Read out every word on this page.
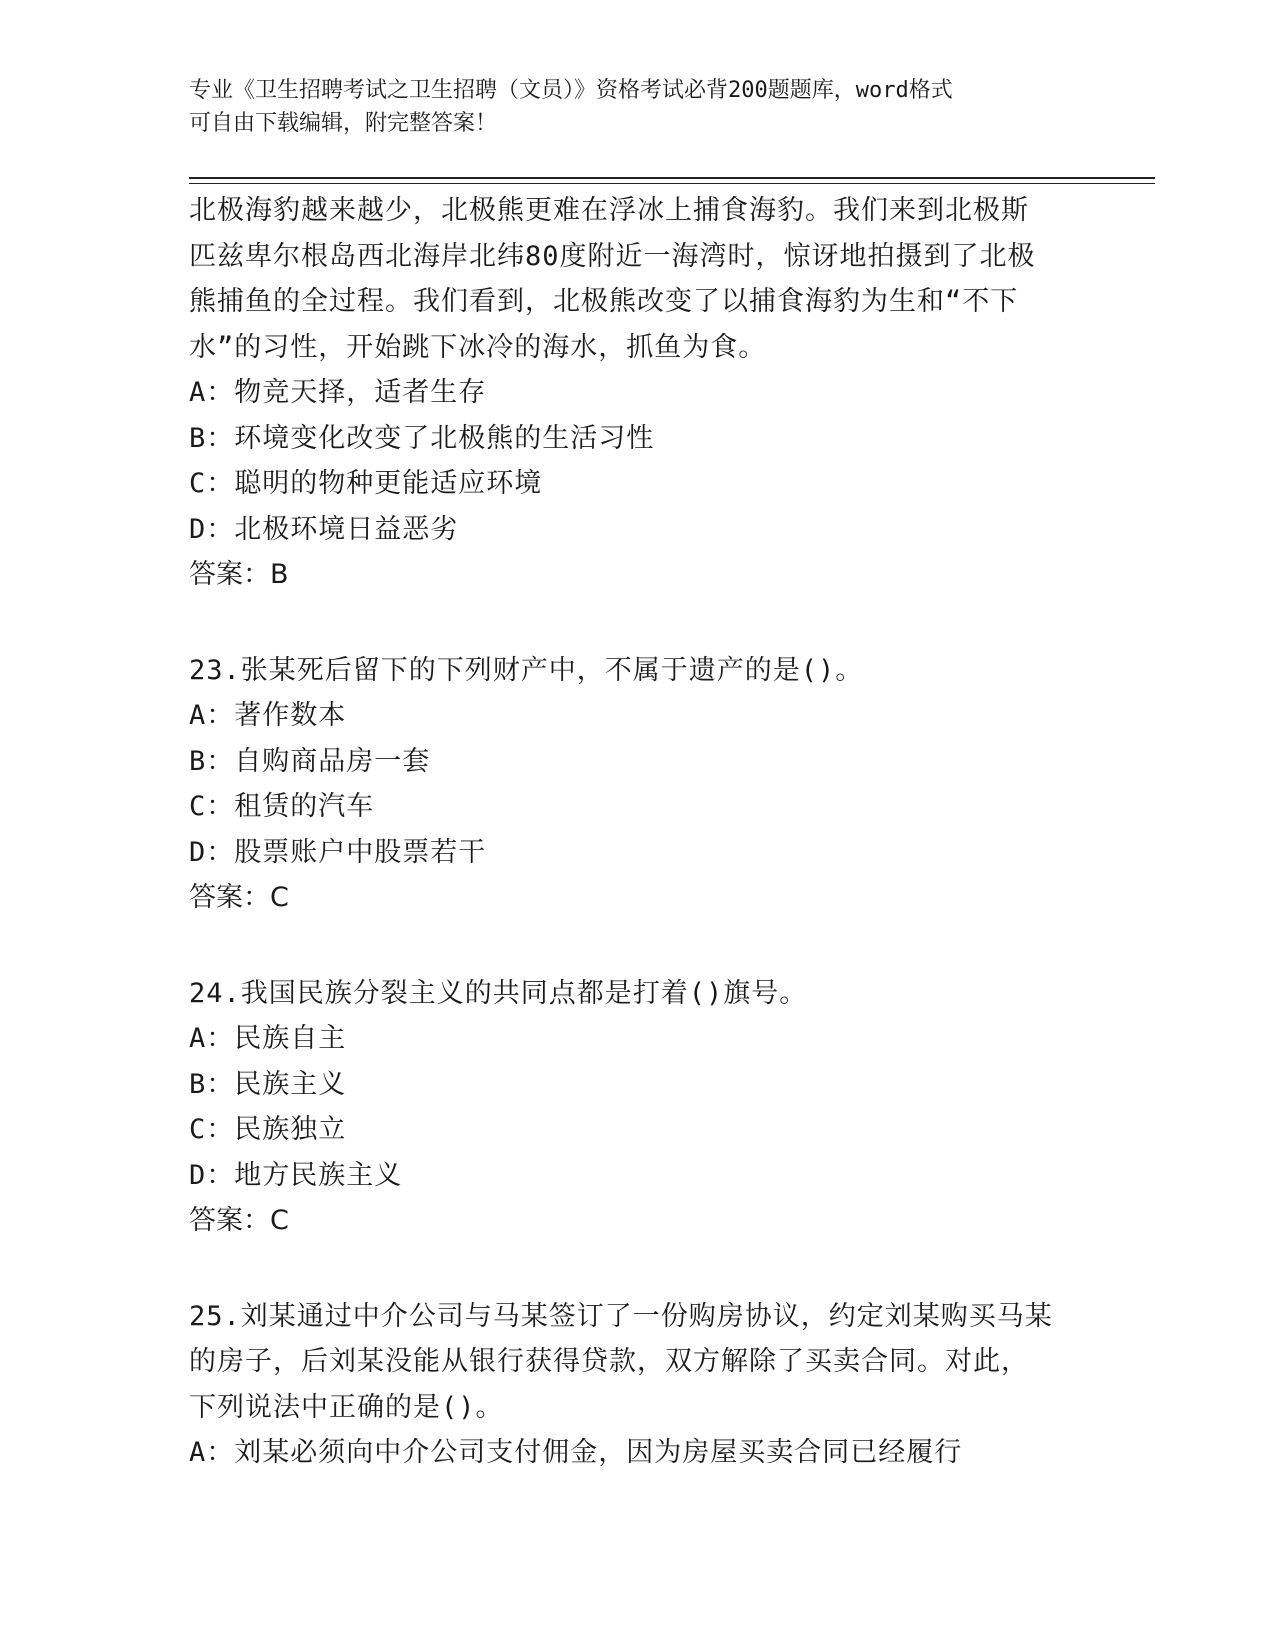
专业《卫生招聘考试之卫生招聘（文员）》资格考试必背200题题库，word格式
可自由下载编辑，附完整答案！

北极海豹越来越少，北极熊更难在浮冰上捕食海豹。我们来到北极斯

匹兹卑尔根岛西北海岸北纬80度附近一海湾时，惊讶地拍摄到了北极

熊捕鱼的全过程。我们看到，北极熊改变了以捕食海豹为生和“不下

水”的习性，开始跳下冰冷的海水，抓鱼为食。

A：物竞天择，适者生存

B：环境变化改变了北极熊的生活习性

C：聪明的物种更能适应环境

D：北极环境日益恶劣

答案：B

23.张某死后留下的下列财产中，不属于遗产的是()。

A：著作数本

B：自购商品房一套

C：租赁的汽车

D：股票账户中股票若干

答案：C

24.我国民族分裂主义的共同点都是打着()旗号。

A：民族自主

B：民族主义

C：民族独立

D：地方民族主义

答案：C

25.刘某通过中介公司与马某签订了一份购房协议，约定刘某购买马某

的房子，后刘某没能从银行获得贷款，双方解除了买卖合同。对此，

下列说法中正确的是()。

A：刘某必须向中介公司支付佣金，因为房屋买卖合同已经履行
